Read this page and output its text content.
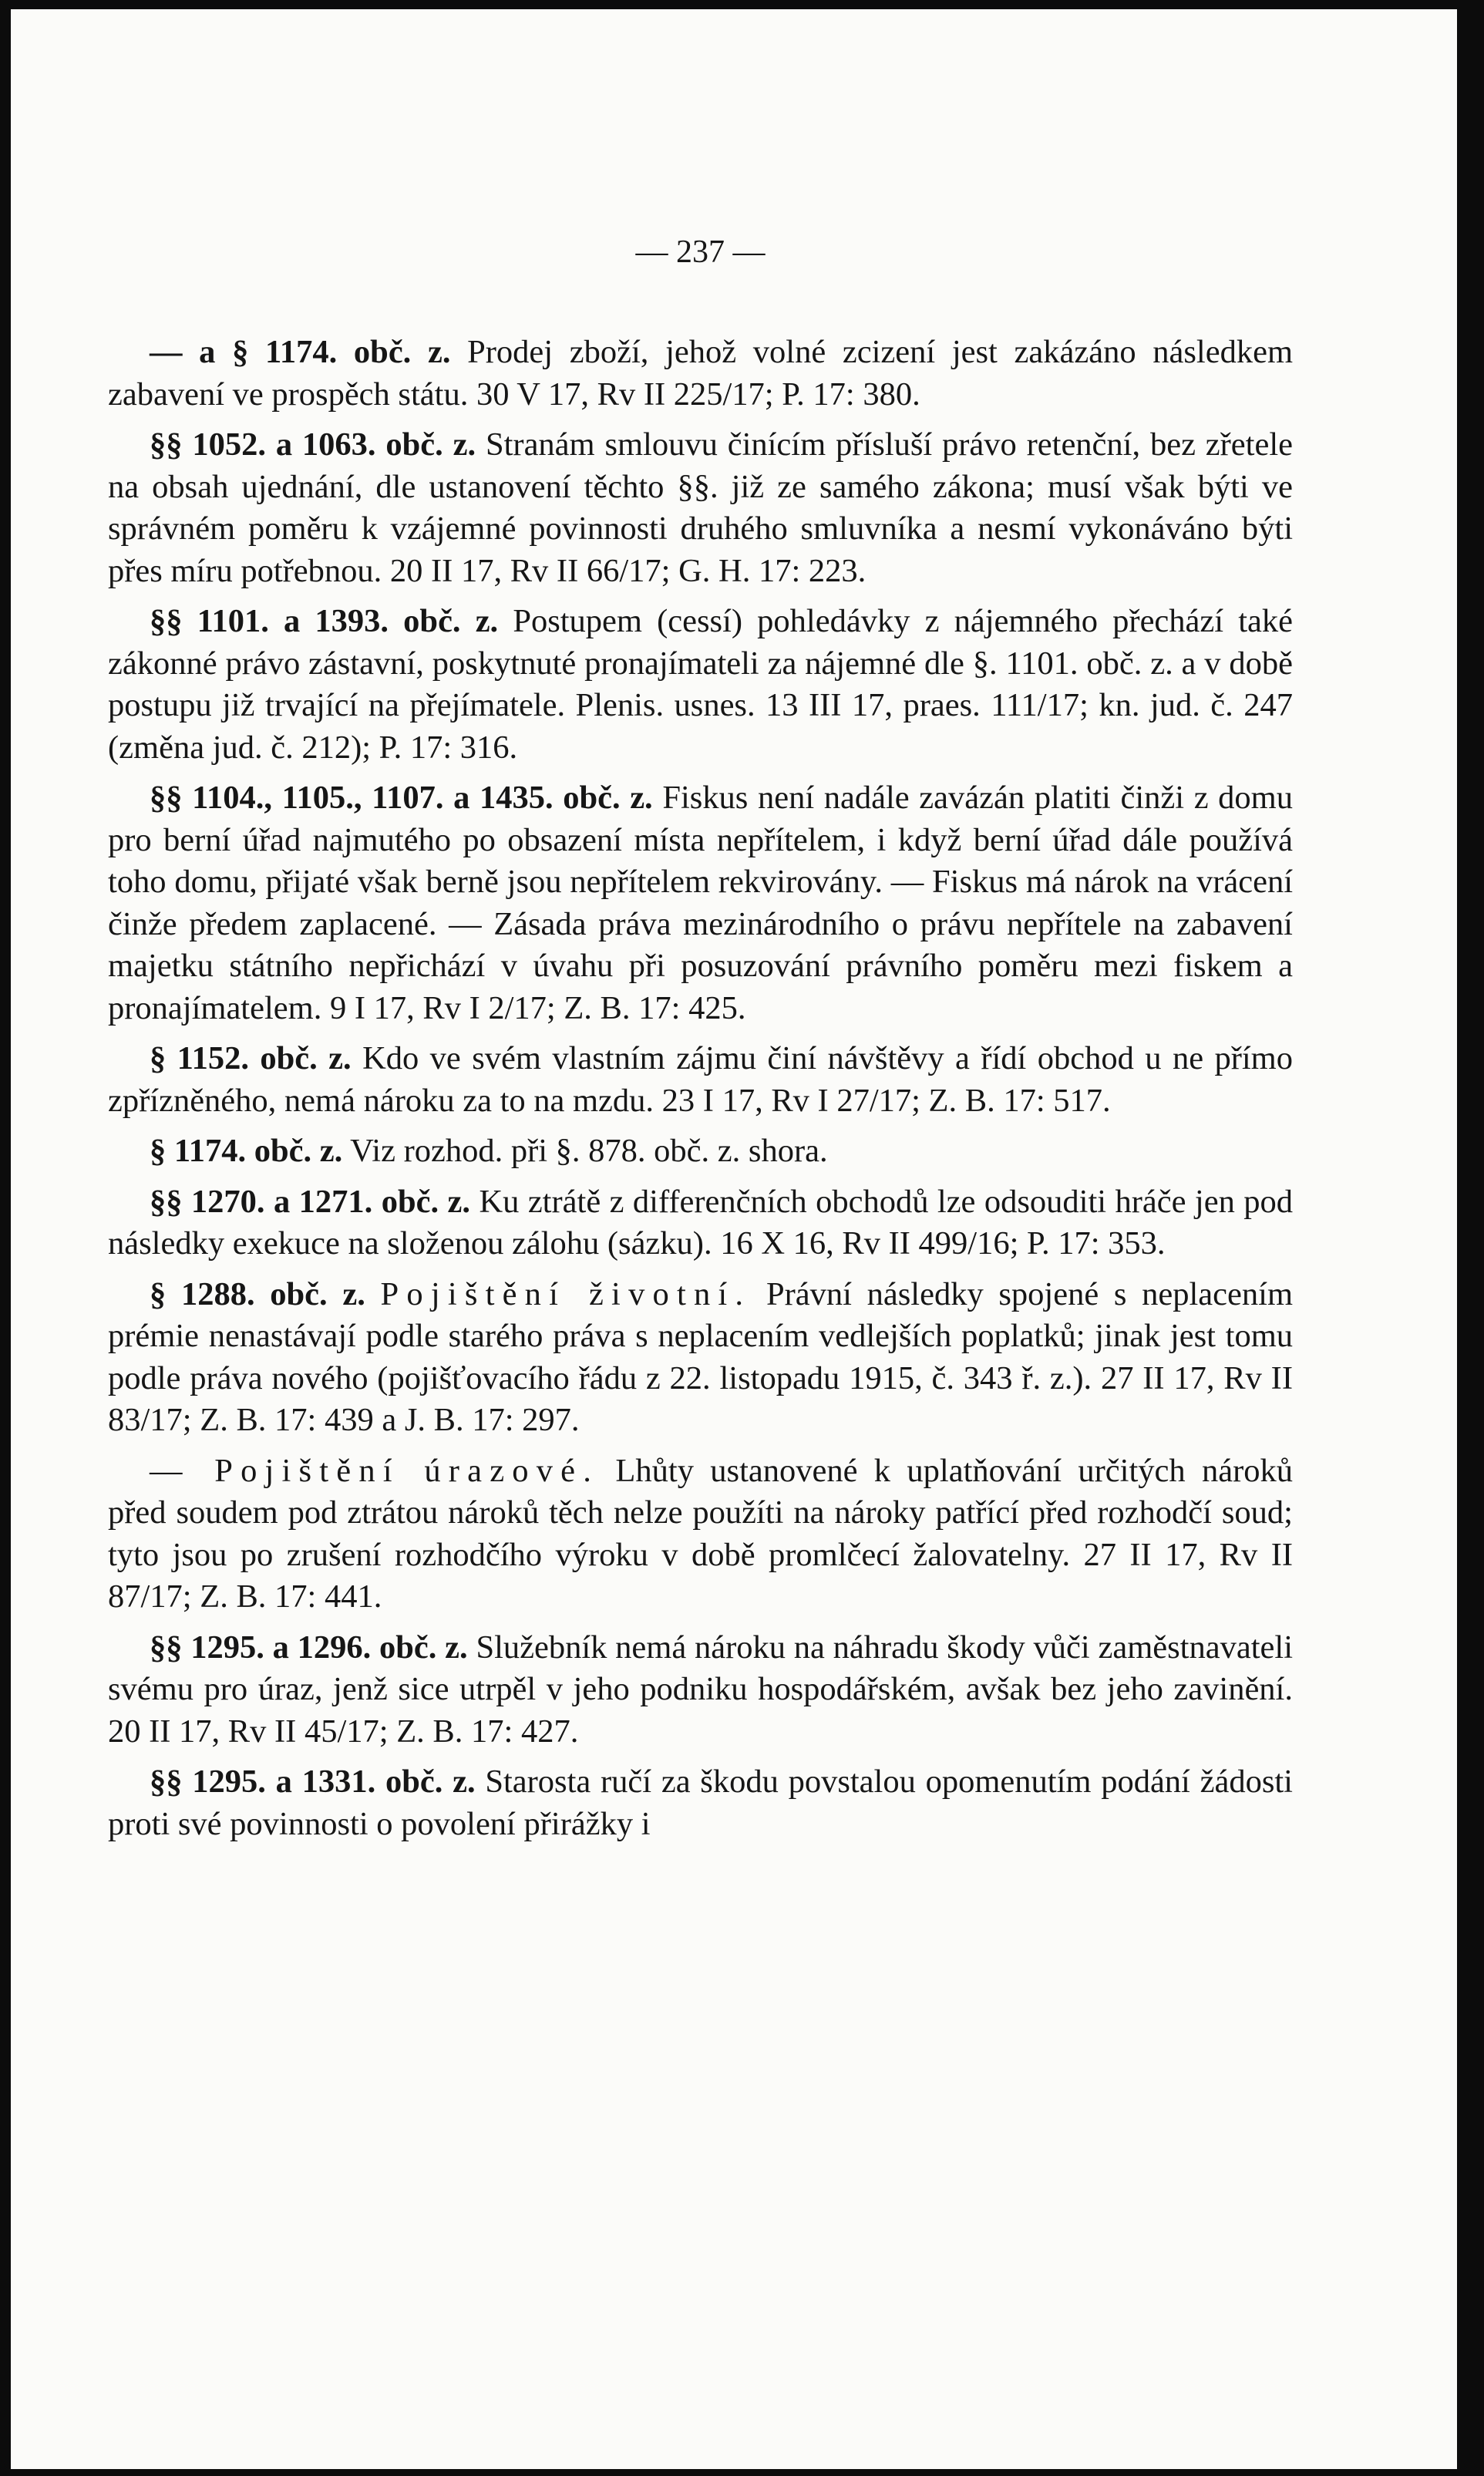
— 237 —

— a § 1174. obč. z. Prodej zboží, jehož volné zcizení jest zakázáno následkem zabavení ve prospěch státu. 30 V 17, Rv II 225/17; P. 17: 380.

§§ 1052. a 1063. obč. z. Stranám smlouvu činícím přísluší právo retenční, bez zřetele na obsah ujednání, dle ustanovení těchto §§. již ze samého zákona; musí však býti ve správném poměru k vzájemné povinnosti druhého smluvníka a nesmí vykonáváno býti přes míru potřebnou. 20 II 17, Rv II 66/17; G. H. 17: 223.

§§ 1101. a 1393. obč. z. Postupem (cessí) pohledávky z nájemného přechází také zákonné právo zástavní, poskytnuté pronajímateli za nájemné dle §. 1101. obč. z. a v době postupu již trvající na přejímatele. Plenis. usnes. 13 III 17, praes. 111/17; kn. jud. č. 247 (změna jud. č. 212); P. 17: 316.

§§ 1104., 1105., 1107. a 1435. obč. z. Fiskus není nadále zavázán platiti činži z domu pro berní úřad najmutého po obsazení místa nepřítelem, i když berní úřad dále používá toho domu, přijaté však berně jsou nepřítelem rekvirovány. — Fiskus má nárok na vrácení činže předem zaplacené. — Zásada práva mezinárodního o právu nepřítele na zabavení majetku státního nepřichází v úvahu při posuzování právního poměru mezi fiskem a pronajímatelem. 9 I 17, Rv I 2/17; Z. B. 17: 425.

§ 1152. obč. z. Kdo ve svém vlastním zájmu činí návštěvy a řídí obchod u ne přímo zpřízněného, nemá nároku za to na mzdu. 23 I 17, Rv I 27/17; Z. B. 17: 517.

§ 1174. obč. z. Viz rozhod. při §. 878. obč. z. shora.

§§ 1270. a 1271. obč. z. Ku ztrátě z differenčních obchodů lze odsouditi hráče jen pod následky exekuce na složenou zálohu (sázku). 16 X 16, Rv II 499/16; P. 17: 353.

§ 1288. obč. z. Pojištění životní. Právní následky spojené s neplacením prémie nenastávají podle starého práva s neplacením vedlejších poplatků; jinak jest tomu podle práva nového (pojišťovacího řádu z 22. listopadu 1915, č. 343 ř. z.). 27 II 17, Rv II 83/17; Z. B. 17: 439 a J. B. 17: 297.

— Pojištění úrazové. Lhůty ustanovené k uplatňování určitých nároků před soudem pod ztrátou nároků těch nelze použíti na nároky patřící před rozhodčí soud; tyto jsou po zrušení rozhodčího výroku v době promlčecí žalovatelny. 27 II 17, Rv II 87/17; Z. B. 17: 441.

§§ 1295. a 1296. obč. z. Služebník nemá nároku na náhradu škody vůči zaměstnavateli svému pro úraz, jenž sice utrpěl v jeho podniku hospodářském, avšak bez jeho zavinění. 20 II 17, Rv II 45/17; Z. B. 17: 427.

§§ 1295. a 1331. obč. z. Starosta ručí za škodu povstalou opomenutím podání žádosti proti své povinnosti o povolení přirážky i
